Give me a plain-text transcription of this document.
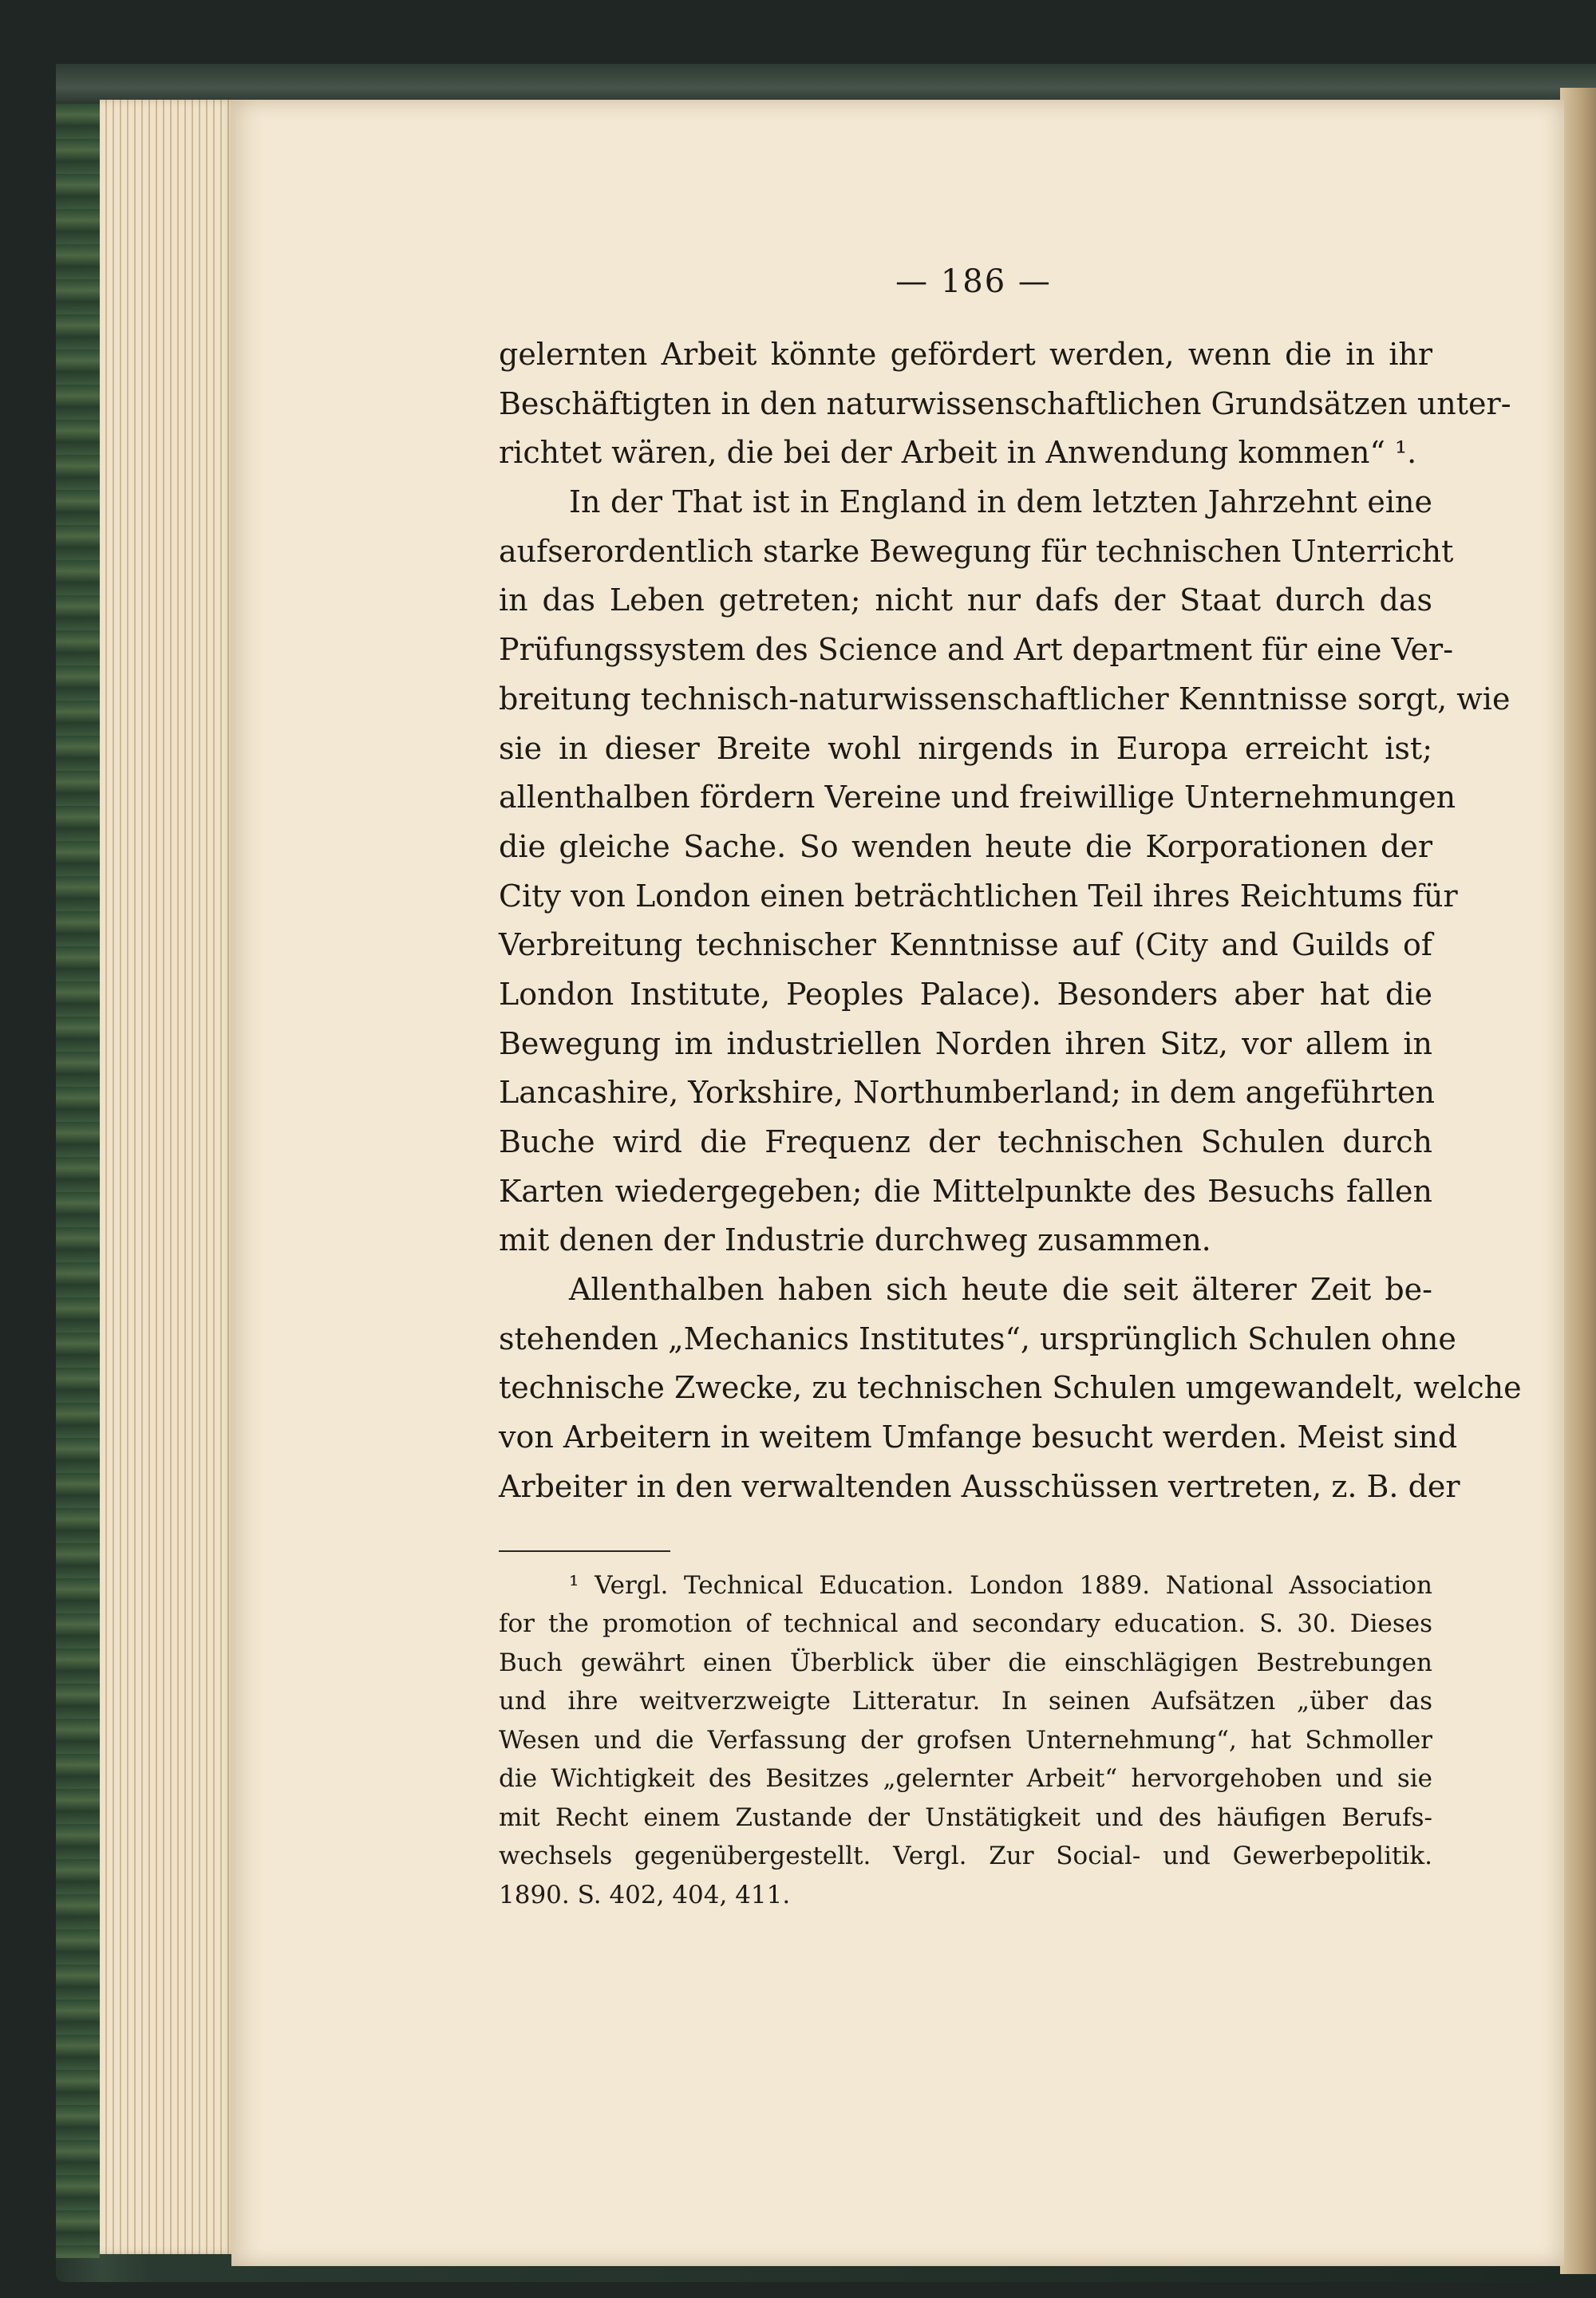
— 186 —
gelernten Arbeit könnte gefördert werden, wenn die in ihr
Beschäftigten in den naturwissenschaftlichen Grundsätzen unter-
richtet wären, die bei der Arbeit in Anwendung kommen“ ¹.
In der That ist in England in dem letzten Jahrzehnt eine
aufserordentlich starke Bewegung für technischen Unterricht
in das Leben getreten; nicht nur dafs der Staat durch das
Prüfungssystem des Science and Art department für eine Ver-
breitung technisch-naturwissenschaftlicher Kenntnisse sorgt, wie
sie in dieser Breite wohl nirgends in Europa erreicht ist;
allenthalben fördern Vereine und freiwillige Unternehmungen
die gleiche Sache. So wenden heute die Korporationen der
City von London einen beträchtlichen Teil ihres Reichtums für
Verbreitung technischer Kenntnisse auf (City and Guilds of
London Institute, Peoples Palace). Besonders aber hat die
Bewegung im industriellen Norden ihren Sitz, vor allem in
Lancashire, Yorkshire, Northumberland; in dem angeführten
Buche wird die Frequenz der technischen Schulen durch
Karten wiedergegeben; die Mittelpunkte des Besuchs fallen
mit denen der Industrie durchweg zusammen.
Allenthalben haben sich heute die seit älterer Zeit be-
stehenden „Mechanics Institutes“, ursprünglich Schulen ohne
technische Zwecke, zu technischen Schulen umgewandelt, welche
von Arbeitern in weitem Umfange besucht werden. Meist sind
Arbeiter in den verwaltenden Ausschüssen vertreten, z. B. der
¹ Vergl. Technical Education. London 1889. National Association
for the promotion of technical and secondary education. S. 30. Dieses
Buch gewährt einen Überblick über die einschlägigen Bestrebungen
und ihre weitverzweigte Litteratur. In seinen Aufsätzen „über das
Wesen und die Verfassung der grofsen Unternehmung“, hat Schmoller
die Wichtigkeit des Besitzes „gelernter Arbeit“ hervorgehoben und sie
mit Recht einem Zustande der Unstätigkeit und des häufigen Berufs-
wechsels gegenübergestellt. Vergl. Zur Social- und Gewerbepolitik.
1890. S. 402, 404, 411.
